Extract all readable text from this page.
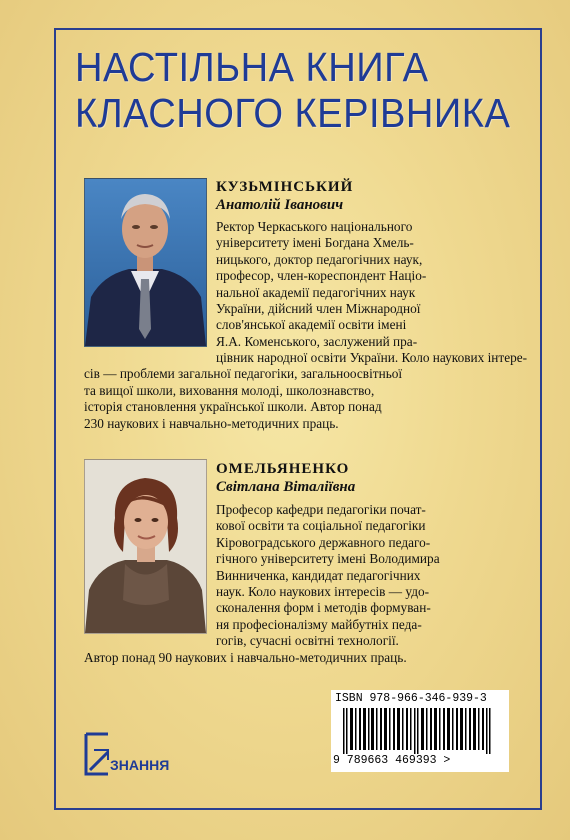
НАСТІЛЬНА КНИГА
КЛАСНОГО КЕРІВНИКА
КУЗЬМІНСЬКИЙ
Анатолій Іванович
Ректор Черкаського національного
університету імені Богдана Хмель-
ницького, доктор педагогічних наук,
професор, член-кореспондент Націо-
нальної академії педагогічних наук
України, дійсний член Міжнародної
слов'янської академії освіти імені
Я.А. Коменського, заслужений пра-
цівник народної освіти України. Коло наукових інтере-
сів — проблеми загальної педагогіки, загальноосвітньої
та вищої школи, виховання молоді, школознавство,
історія становлення української школи. Автор понад
230 наукових і навчально-методичних праць.
ОМЕЛЬЯНЕНКО
Світлана Віталіївна
Професор кафедри педагогіки почат-
кової освіти та соціальної педагогіки
Кіровоградського державного педаго-
гічного університету імені Володимира
Винниченка, кандидат педагогічних
наук. Коло наукових інтересів — удо-
сконалення форм і методів формуван-
ня професіоналізму майбутніх педа-
гогів, сучасні освітні технології.
Автор понад 90 наукових і навчально-методичних праць.
ЗНАННЯ
ISBN 978-966-346-939-3
9 789663 469393 >
